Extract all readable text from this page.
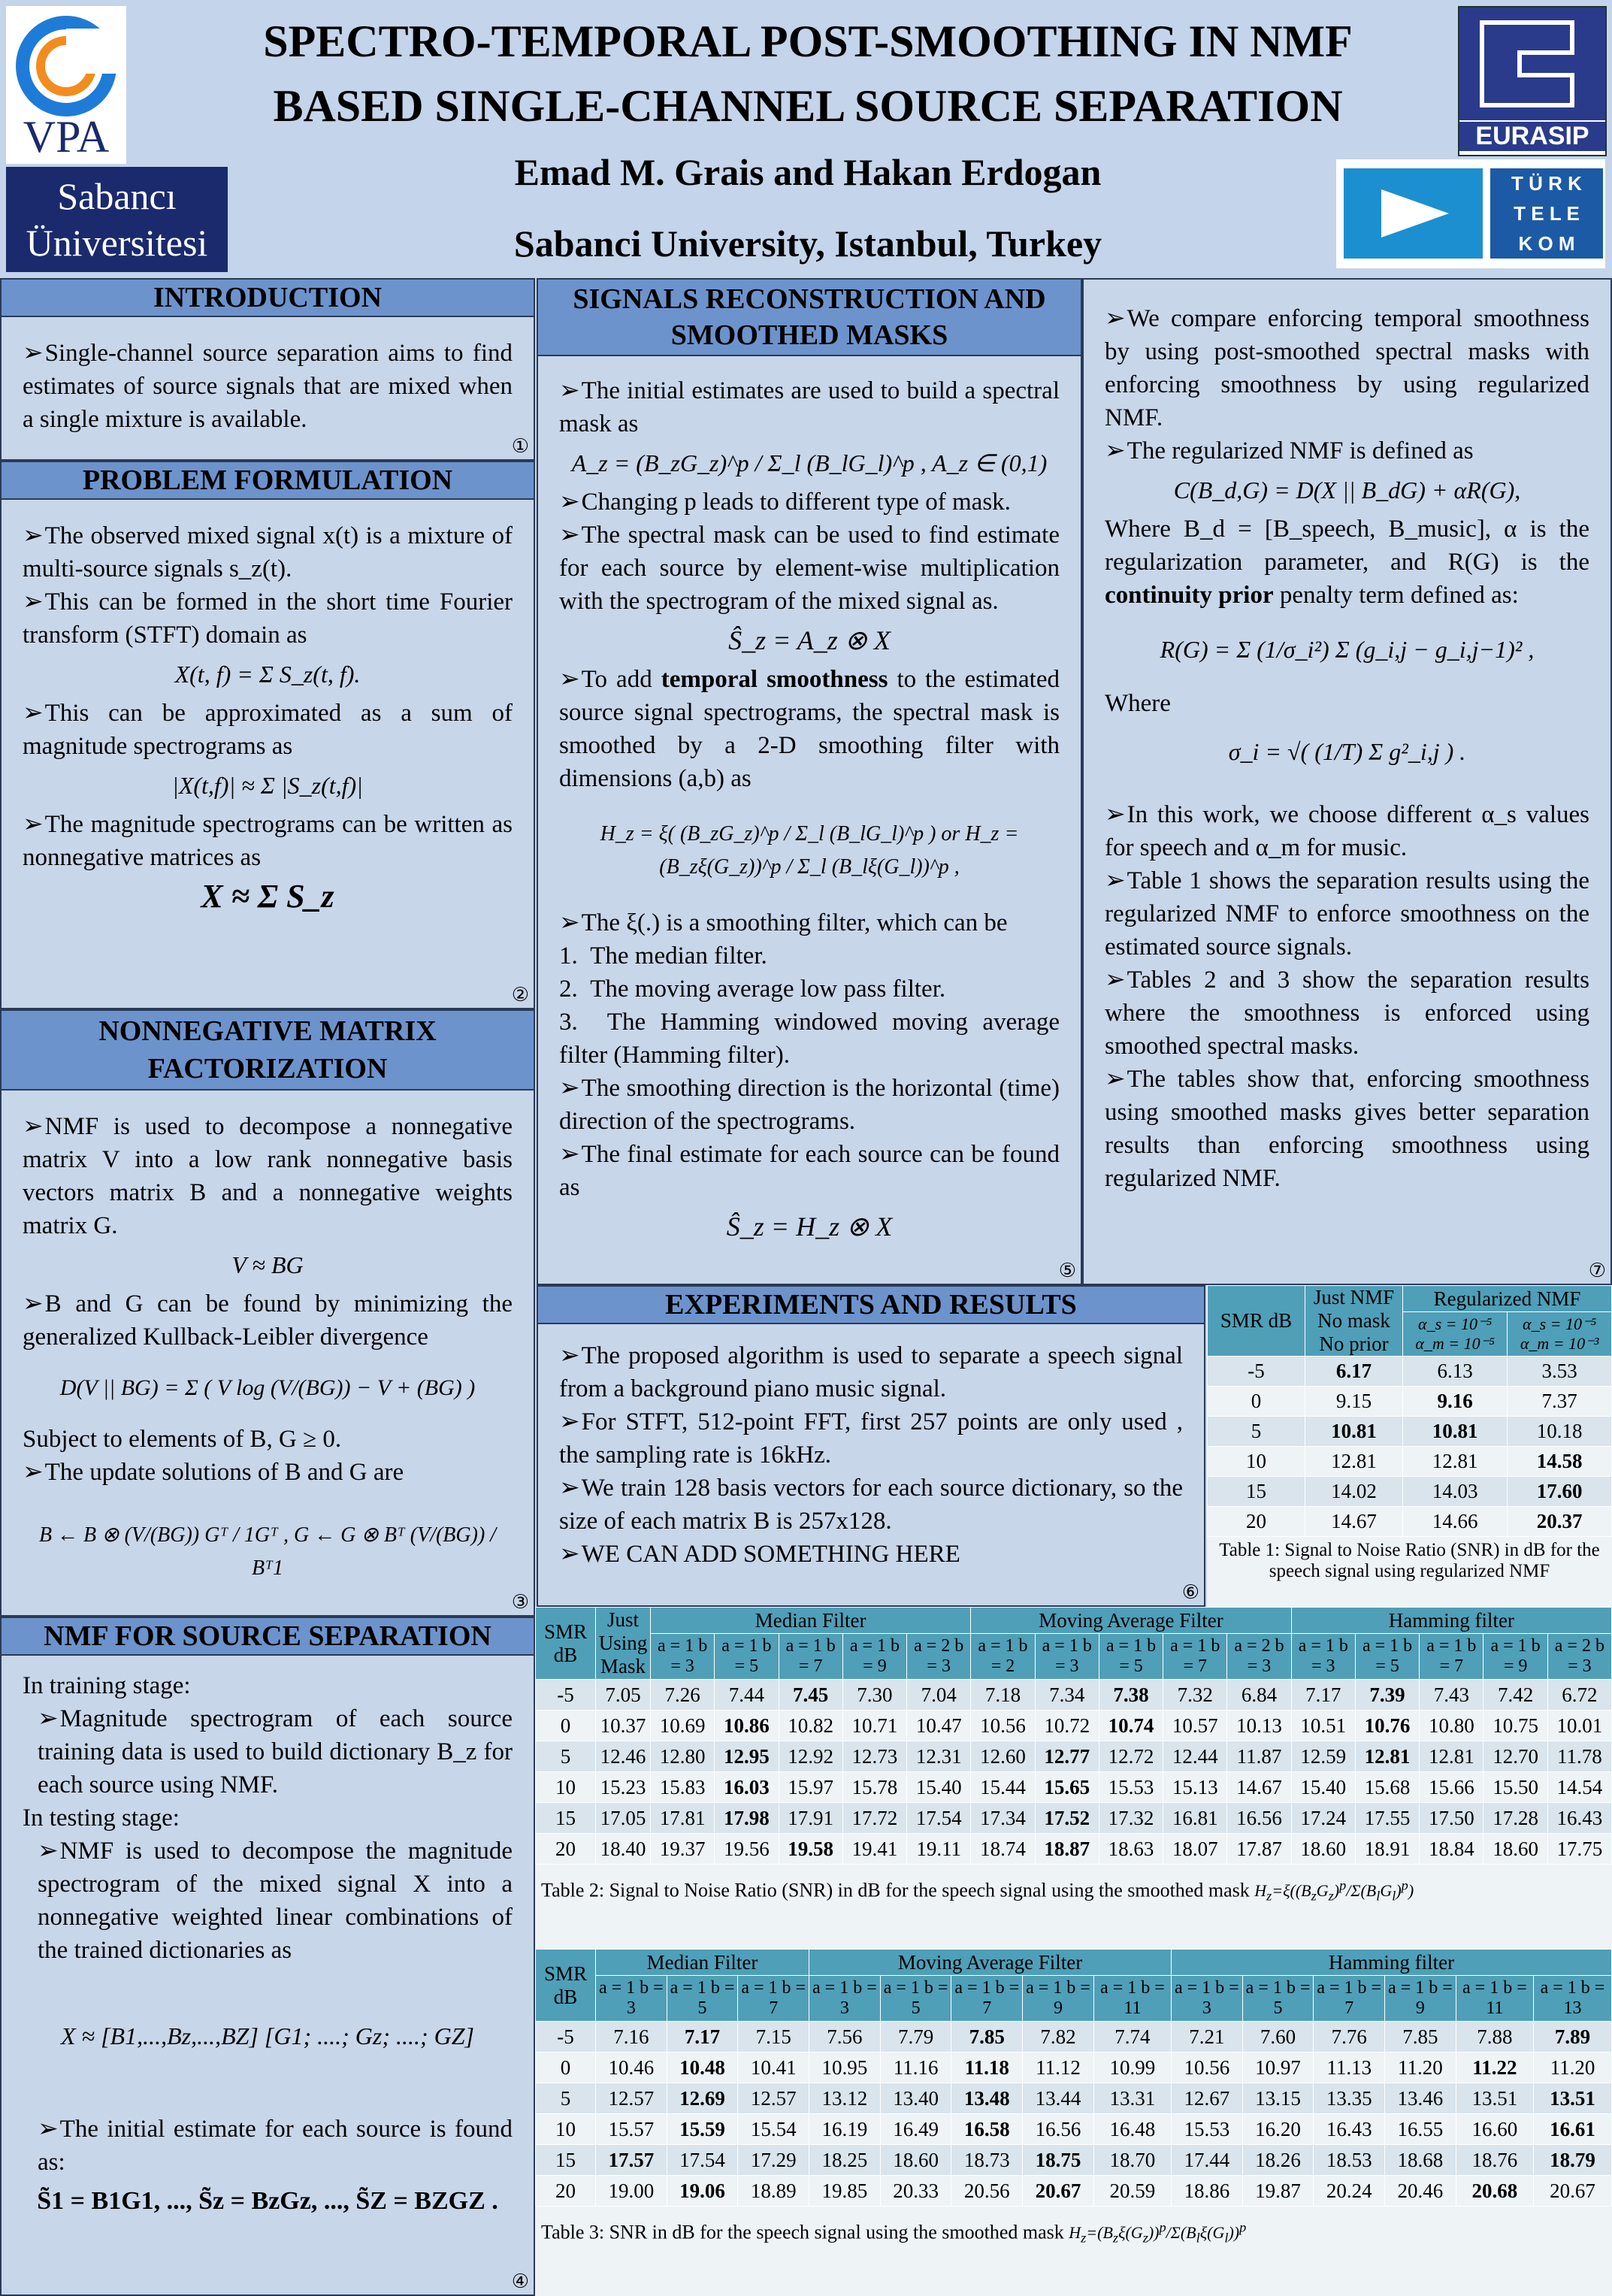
VPA
Sabancı
Üniversitesi
SPECTRO-TEMPORAL POST-SMOOTHING IN NMF
BASED SINGLE-CHANNEL SOURCE SEPARATION
Emad M. Grais and Hakan Erdogan
Sabanci University, Istanbul, Turkey
EURASIP
T Ü R K
T E L E
K O M
INTRODUCTION

➢ Single-channel source separation aims to find estimates of source signals that are mixed when a single mixture is available.

①
PROBLEM FORMULATION

➢ The observed mixed signal x(t) is a mixture of multi-source signals s_z(t).

➢ This can be formed in the short time Fourier transform (STFT) domain as

X(t, f) = Σ S_z(t, f).

➢ This can be approximated as a sum of magnitude spectrograms as

|X(t,f)| ≈ Σ |S_z(t,f)|

➢ The magnitude spectrograms can be written as nonnegative matrices as

X ≈ Σ S_z
②
NONNEGATIVE MATRIX FACTORIZATION

➢ NMF is used to decompose a nonnegative matrix V into a low rank nonnegative basis vectors matrix B and a nonnegative weights matrix G.

V ≈ BG

➢ B and G can be found by minimizing the generalized Kullback-Leibler divergence

D(V || BG) = Σ ( V log (V/(BG)) − V + (BG) )

Subject to elements of B, G ≥ 0.

➢ The update solutions of B and G are

B ← B ⊗ (V/(BG)) Gᵀ / 1Gᵀ , G ← G ⊗ Bᵀ (V/(BG)) / Bᵀ1
③
NMF FOR SOURCE SEPARATION

In training stage:

➢ Magnitude spectrogram of each source training data is used to build dictionary B_z for each source using NMF.

In testing stage:

➢ NMF is used to decompose the magnitude spectrogram of the mixed signal X into a nonnegative weighted linear combinations of the trained dictionaries as

X ≈ [B1,...,Bz,...,BZ] [G1; ....; Gz; ....; GZ]

➢ The initial estimate for each source is found as:

S̃1 = B1G1, ..., S̃z = BzGz, ..., S̃Z = BZGZ .
④
SIGNALS RECONSTRUCTION AND SMOOTHED MASKS

➢ The initial estimates are used to build a spectral mask as

A_z = (B_zG_z)^p / Σ_l (B_lG_l)^p , A_z ∈ (0,1)

➢ Changing p leads to different type of mask.

➢ The spectral mask can be used to find estimate for each source by element-wise multiplication with the spectrogram of the mixed signal as.

Ŝ_z = A_z ⊗ X

➢ To add temporal smoothness to the estimated source signal spectrograms, the spectral mask is smoothed by a 2-D smoothing filter with dimensions (a,b) as

H_z = ξ( (B_zG_z)^p / Σ_l (B_lG_l)^p ) or H_z = (B_zξ(G_z))^p / Σ_l (B_lξ(G_l))^p ,

➢ The ξ(.) is a smoothing filter, which can be

1.  The median filter.

2.  The moving average low pass filter.

3.  The Hamming windowed moving average filter (Hamming filter).

➢ The smoothing direction is the horizontal (time) direction of the spectrograms.

➢ The final estimate for each source can be found as

Ŝ_z = H_z ⊗ X
⑤
EXPERIMENTS AND RESULTS

➢ The proposed algorithm is used to separate a speech signal from a background piano music signal.

➢ For STFT, 512-point FFT, first 257 points are only used , the sampling rate is 16kHz.

➢ We train 128 basis vectors for each source dictionary, so the size of each matrix B is 257x128.

➢ WE CAN ADD SOMETHING HERE

⑥

➢ We compare enforcing temporal smoothness by using post-smoothed spectral masks with enforcing smoothness by using regularized NMF.

➢ The regularized NMF is defined as

C(B_d,G) = D(X || B_dG) + αR(G),

Where B_d = [B_speech, B_music], α is the regularization parameter, and R(G) is the continuity prior penalty term defined as:

R(G) = Σ (1/σ_i²) Σ (g_i,j − g_i,j−1)² ,

Where

σ_i = √( (1/T) Σ g²_i,j ) .

➢ In this work, we choose different α_s values for speech and α_m for music.

➢ Table 1 shows the separation results using the regularized NMF to enforce smoothness on the estimated source signals.

➢ Tables 2 and 3 show the separation results where the smoothness is enforced using smoothed spectral masks.

➢ The tables show that, enforcing smoothness using smoothed masks gives better separation results than enforcing smoothness using regularized NMF.

⑦
SMR dB	Just NMF No mask No prior	Regularized NMF	
		α_s = 10⁻⁵ α_m = 10⁻⁵	α_s = 10⁻⁵ α_m = 10⁻³
-5	6.17	6.13	3.53
0	9.15	9.16	7.37
5	10.81	10.81	10.18
10	12.81	12.81	14.58
15	14.02	14.03	17.60
20	14.67	14.66	20.37
Table 1: Signal to Noise Ratio (SNR) in dB for the speech signal using regularized NMF
SMR dB	Just Using Mask	Median Filter					Moving Average Filter					Hamming filter				
		a = 1 b = 3	a = 1 b = 5	a = 1 b = 7	a = 1 b = 9	a = 2 b = 3	a = 1 b = 2	a = 1 b = 3	a = 1 b = 5	a = 1 b = 7	a = 2 b = 3	a = 1 b = 3	a = 1 b = 5	a = 1 b = 7	a = 1 b = 9	a = 2 b = 3
-5	7.05	7.26	7.44	7.45	7.30	7.04	7.18	7.34	7.38	7.32	6.84	7.17	7.39	7.43	7.42	6.72
0	10.37	10.69	10.86	10.82	10.71	10.47	10.56	10.72	10.74	10.57	10.13	10.51	10.76	10.80	10.75	10.01
5	12.46	12.80	12.95	12.92	12.73	12.31	12.60	12.77	12.72	12.44	11.87	12.59	12.81	12.81	12.70	11.78
10	15.23	15.83	16.03	15.97	15.78	15.40	15.44	15.65	15.53	15.13	14.67	15.40	15.68	15.66	15.50	14.54
15	17.05	17.81	17.98	17.91	17.72	17.54	17.34	17.52	17.32	16.81	16.56	17.24	17.55	17.50	17.28	16.43
20	18.40	19.37	19.56	19.58	19.41	19.11	18.74	18.87	18.63	18.07	17.87	18.60	18.91	18.84	18.60	17.75
Table 2: Signal to Noise Ratio (SNR) in dB for the speech signal using the smoothed mask $H_z=\xi((B_zG_z)^p/\Sigma(B_lG_l)^p)$
SMR dB	Median Filter			Moving Average Filter					Hamming filter					
	a = 1 b = 3	a = 1 b = 5	a = 1 b = 7	a = 1 b = 3	a = 1 b = 5	a = 1 b = 7	a = 1 b = 9	a = 1 b = 11	a = 1 b = 3	a = 1 b = 5	a = 1 b = 7	a = 1 b = 9	a = 1 b = 11	a = 1 b = 13
-5	7.16	7.17	7.15	7.56	7.79	7.85	7.82	7.74	7.21	7.60	7.76	7.85	7.88	7.89
0	10.46	10.48	10.41	10.95	11.16	11.18	11.12	10.99	10.56	10.97	11.13	11.20	11.22	11.20
5	12.57	12.69	12.57	13.12	13.40	13.48	13.44	13.31	12.67	13.15	13.35	13.46	13.51	13.51
10	15.57	15.59	15.54	16.19	16.49	16.58	16.56	16.48	15.53	16.20	16.43	16.55	16.60	16.61
15	17.57	17.54	17.29	18.25	18.60	18.73	18.75	18.70	17.44	18.26	18.53	18.68	18.76	18.79
20	19.00	19.06	18.89	19.85	20.33	20.56	20.67	20.59	18.86	19.87	20.24	20.46	20.68	20.67
Table 3: SNR in dB for the speech signal using the smoothed mask $H_z=(B_z\xi(G_z))^p/\Sigma(B_l\xi(G_l))^p$
